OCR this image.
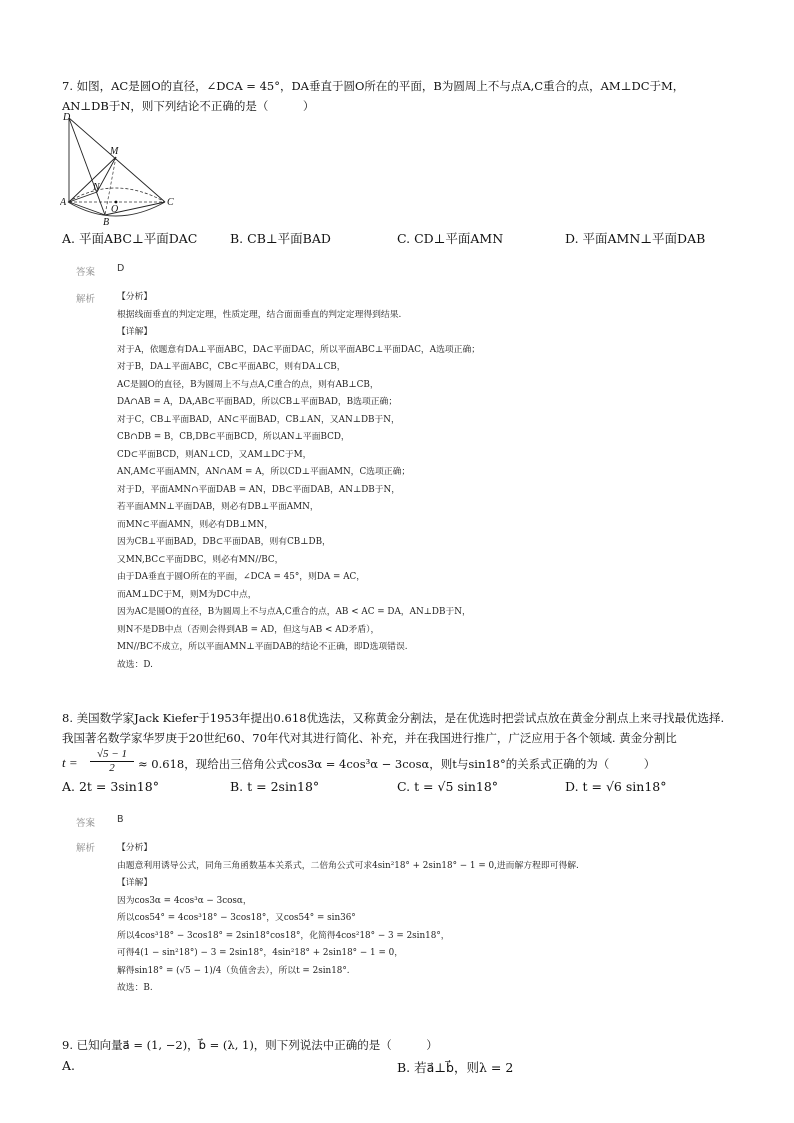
7. 如图，AC是圆O的直径，∠DCA = 45°，DA垂直于圆O所在的平面，B为圆周上不与点A,C重合的点，AM⊥DC于M，
AN⊥DB于N，则下列结论不正确的是（　　　）
D
M
N
A
O
C
B
A. 平面ABC⊥平面DAC	B. CB⊥平面BAD	C. CD⊥平面AMN	D. 平面AMN⊥平面DAB
答案 D
解析 【分析】
根据线面垂直的判定定理，性质定理，结合面面垂直的判定定理得到结果.
【详解】
对于A，依题意有DA⊥平面ABC，DA⊂平面DAC，所以平面ABC⊥平面DAC，A选项正确；
对于B，DA⊥平面ABC，CB⊂平面ABC，则有DA⊥CB，
AC是圆O的直径，B为圆周上不与点A,C重合的点，则有AB⊥CB，
DA∩AB = A，DA,AB⊂平面BAD，所以CB⊥平面BAD，B选项正确；
对于C，CB⊥平面BAD，AN⊂平面BAD，CB⊥AN，又AN⊥DB于N，
CB∩DB = B，CB,DB⊂平面BCD，所以AN⊥平面BCD，
CD⊂平面BCD，则AN⊥CD，又AM⊥DC于M，
AN,AM⊂平面AMN，AN∩AM = A，所以CD⊥平面AMN，C选项正确；
对于D，平面AMN∩平面DAB = AN，DB⊂平面DAB，AN⊥DB于N，
若平面AMN⊥平面DAB，则必有DB⊥平面AMN，
而MN⊂平面AMN，则必有DB⊥MN，
因为CB⊥平面BAD，DB⊂平面DAB，则有CB⊥DB，
又MN,BC⊂平面DBC，则必有MN//BC，
由于DA垂直于圆O所在的平面，∠DCA = 45°，则DA = AC，
而AM⊥DC于M，则M为DC中点，
因为AC是圆O的直径，B为圆周上不与点A,C重合的点，AB < AC = DA，AN⊥DB于N，
则N不是DB中点（否则会得到AB = AD，但这与AB < AD矛盾），
MN//BC不成立，所以平面AMN⊥平面DAB的结论不正确，即D选项错误.
故选：D.
8. 美国数学家Jack Kiefer于1953年提出0.618优选法，又称黄金分割法，是在优选时把尝试点放在黄金分割点上来寻找最优选择.
我国著名数学家华罗庚于20世纪60、70年代对其进行简化、补充，并在我国进行推广，广泛应用于各个领域. 黄金分割比
t =
√5 − 1
2	≈ 0.618，现给出三倍角公式cos3α = 4cos³α − 3cosα，则t与sin18°的关系式正确的为（　　　）
A. 2t = 3sin18°	B. t = 2sin18°	C. t = √5 sin18°	D. t = √6 sin18°
答案 B
解析 【分析】
由题意利用诱导公式，同角三角函数基本关系式，二倍角公式可求4sin²18° + 2sin18° − 1 = 0,进而解方程即可得解.
【详解】
因为cos3α = 4cos³α − 3cosα，
所以cos54° = 4cos³18° − 3cos18°，又cos54° = sin36°
所以4cos³18° − 3cos18° = 2sin18°cos18°，化简得4cos²18° − 3 = 2sin18°，
可得4(1 − sin²18°) − 3 = 2sin18°，4sin²18° + 2sin18° − 1 = 0，
解得sin18° = (√5 − 1)/4（负值舍去），所以t = 2sin18°.
故选：B.
9. 已知向量a⃗ = (1, −2)，b⃗ = (λ, 1)，则下列说法中正确的是（　　　）
A.	B. 若a⃗⊥b⃗，则λ = 2
